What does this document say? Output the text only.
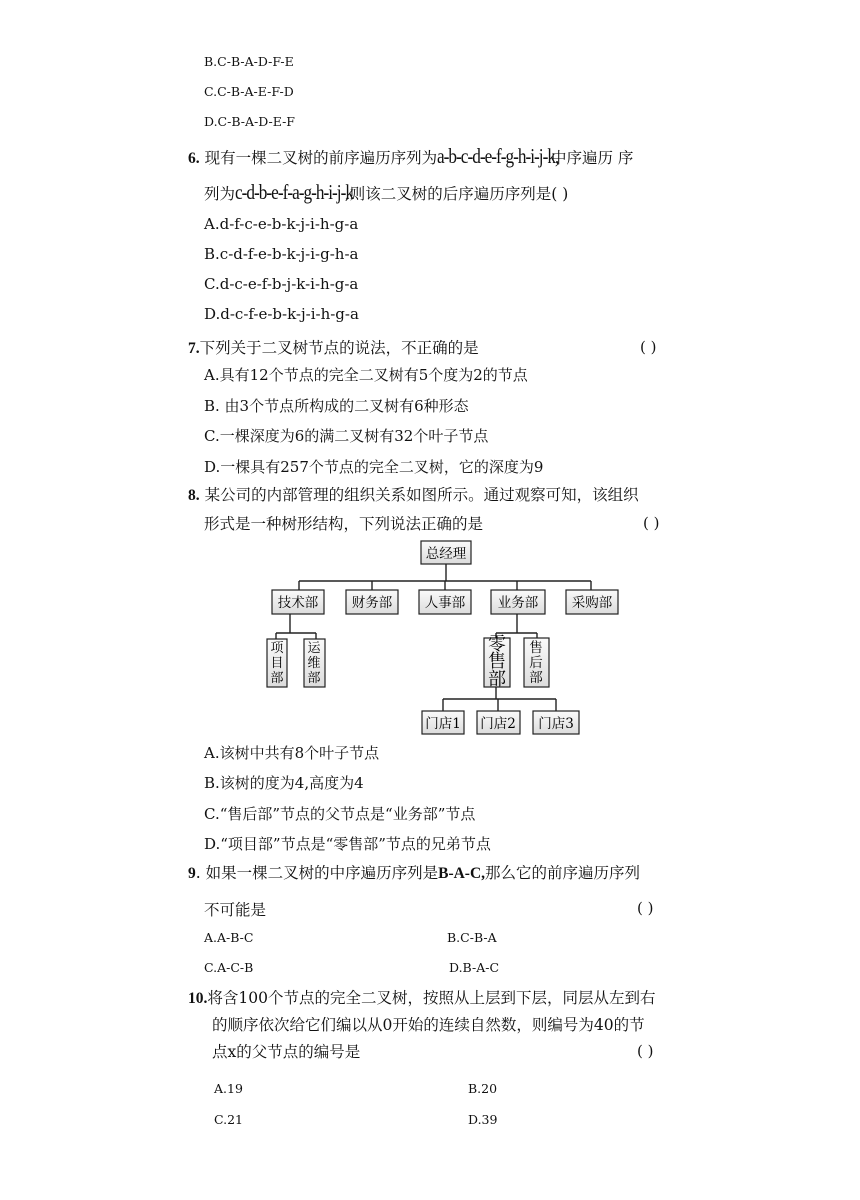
B.C-B-A-D-F-E
C.C-B-A-E-F-D
D.C-B-A-D-E-F
6. 现有一棵二叉树的前序遍历序列为a-b-c-d-e-f-g-h-i-j-k,中序遍历 序
列为c-d-b-e-f-a-g-h-i-j-k,则该二叉树的后序遍历序列是( )
A.d-f-c-e-b-k-j-i-h-g-a
B.c-d-f-e-b-k-j-i-g-h-a
C.d-c-e-f-b-j-k-i-h-g-a
D.d-c-f-e-b-k-j-i-h-g-a
7.下列关于二叉树节点的说法，不正确的是	( )
A.具有12个节点的完全二叉树有5个度为2的节点
B. 由3个节点所构成的二叉树有6种形态
C.一棵深度为6的满二叉树有32个叶子节点
D.一棵具有257个节点的完全二叉树，它的深度为9
8. 某公司的内部管理的组织关系如图所示。通过观察可知，该组织
形式是一种树形结构，下列说法正确的是	( )
总经理
技术部 财务部 人事部 业务部 采购部
项
目
部
运
维
部
零
售
部
售
后
部
门店1 门店2 门店3
A.该树中共有8个叶子节点
B.该树的度为4,高度为4
C.“售后部”节点的父节点是“业务部”节点
D.“项目部”节点是“零售部”节点的兄弟节点
9. 如果一棵二叉树的中序遍历序列是B-A-C,那么它的前序遍历序列
不可能是	( )
A.A-B-C	B.C-B-A
C.A-C-B	D.B-A-C
10.将含100个节点的完全二叉树，按照从上层到下层，同层从左到右
的顺序依次给它们编以从0开始的连续自然数，则编号为40的节
点x的父节点的编号是	( )
A.19	B.20
C.21	D.39
